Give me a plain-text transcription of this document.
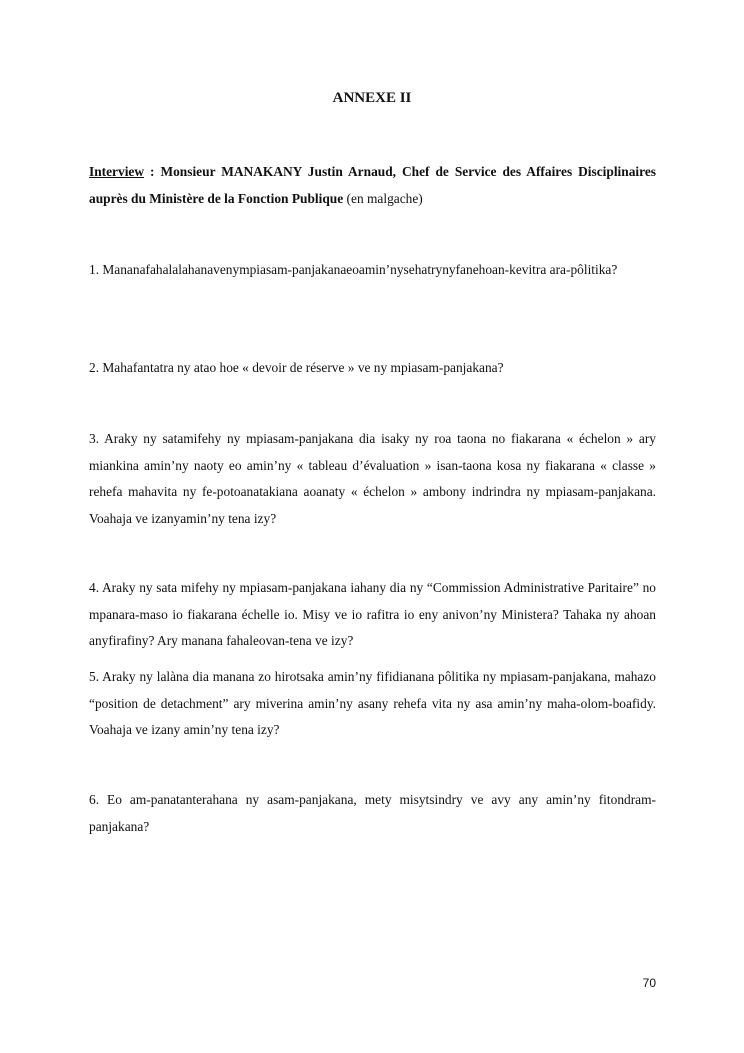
ANNEXE II
Interview : Monsieur MANAKANY Justin Arnaud, Chef de Service des Affaires Disciplinaires auprès du Ministère de la Fonction Publique (en malgache)
1. Mananafahalalahanavenympiasam-panjakanaeoamin’nysehatrynyfanehoan-kevitra ara-pôlitika?
2. Mahafantatra ny atao hoe « devoir de réserve » ve ny mpiasam-panjakana?
3. Araky ny satamifehy ny mpiasam-panjakana dia isaky ny roa taona no fiakarana « échelon » ary miankina amin’ny naoty eo amin’ny « tableau d’évaluation » isan-taona kosa ny fiakarana « classe » rehefa mahavita ny fe-potoanatakiana aoanaty « échelon » ambony indrindra ny mpiasam-panjakana. Voahaja ve izanyamin’ny tena izy?
4. Araky ny sata mifehy ny mpiasam-panjakana iahany dia ny “Commission Administrative Paritaire” no mpanara-maso io fiakarana échelle io. Misy ve io rafitra io eny anivon’ny Ministera? Tahaka ny ahoan anyfirafiny? Ary manana fahaleovan-tena ve izy?
5. Araky ny lalàna dia manana zo hirotsaka amin’ny fifidianana pôlitika ny mpiasam-panjakana, mahazo “position de detachment” ary miverina amin’ny asany rehefa vita ny asa amin’ny maha-olom-boafidy. Voahaja ve izany amin’ny tena izy?
6. Eo am-panatanterahana ny asam-panjakana, mety misytsindry ve avy any amin’ny fitondram-panjakana?
70
